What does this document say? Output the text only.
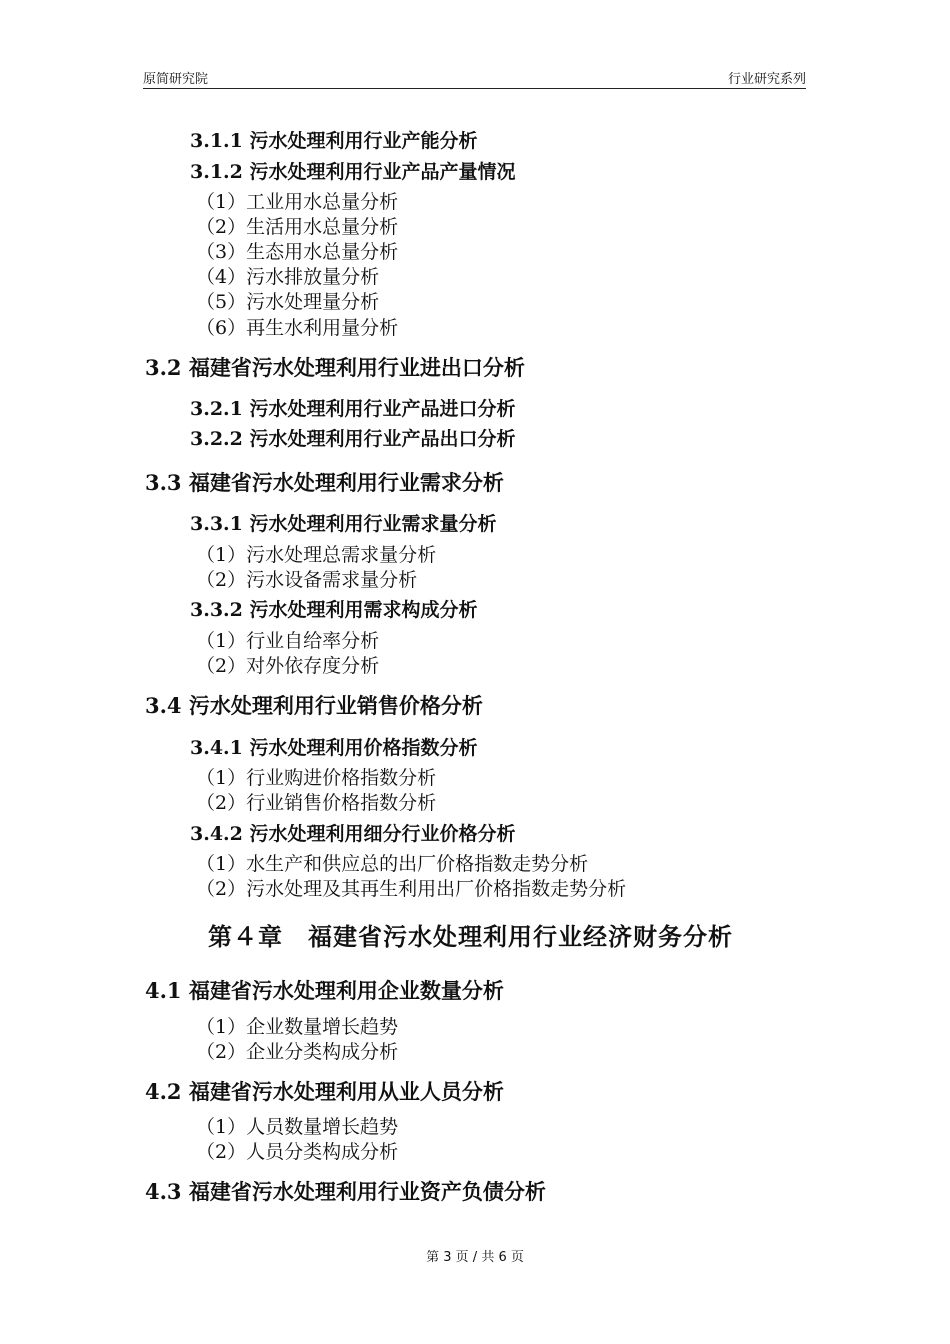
原简研究院	行业研究系列
3.1.1 污水处理利用行业产能分析
3.1.2 污水处理利用行业产品产量情况
（1）工业用水总量分析
（2）生活用水总量分析
（3）生态用水总量分析
（4）污水排放量分析
（5）污水处理量分析
（6）再生水利用量分析
3.2 福建省污水处理利用行业进出口分析
3.2.1 污水处理利用行业产品进口分析
3.2.2 污水处理利用行业产品出口分析
3.3 福建省污水处理利用行业需求分析
3.3.1 污水处理利用行业需求量分析
（1）污水处理总需求量分析
（2）污水设备需求量分析
3.3.2 污水处理利用需求构成分析
（1）行业自给率分析
（2）对外依存度分析
3.4 污水处理利用行业销售价格分析
3.4.1 污水处理利用价格指数分析
（1）行业购进价格指数分析
（2）行业销售价格指数分析
3.4.2 污水处理利用细分行业价格分析
（1）水生产和供应总的出厂价格指数走势分析
（2）污水处理及其再生利用出厂价格指数走势分析
第４章　福建省污水处理利用行业经济财务分析
4.1 福建省污水处理利用企业数量分析
（1）企业数量增长趋势
（2）企业分类构成分析
4.2 福建省污水处理利用从业人员分析
（1）人员数量增长趋势
（2）人员分类构成分析
4.3 福建省污水处理利用行业资产负债分析
第 3 页 / 共 6 页
